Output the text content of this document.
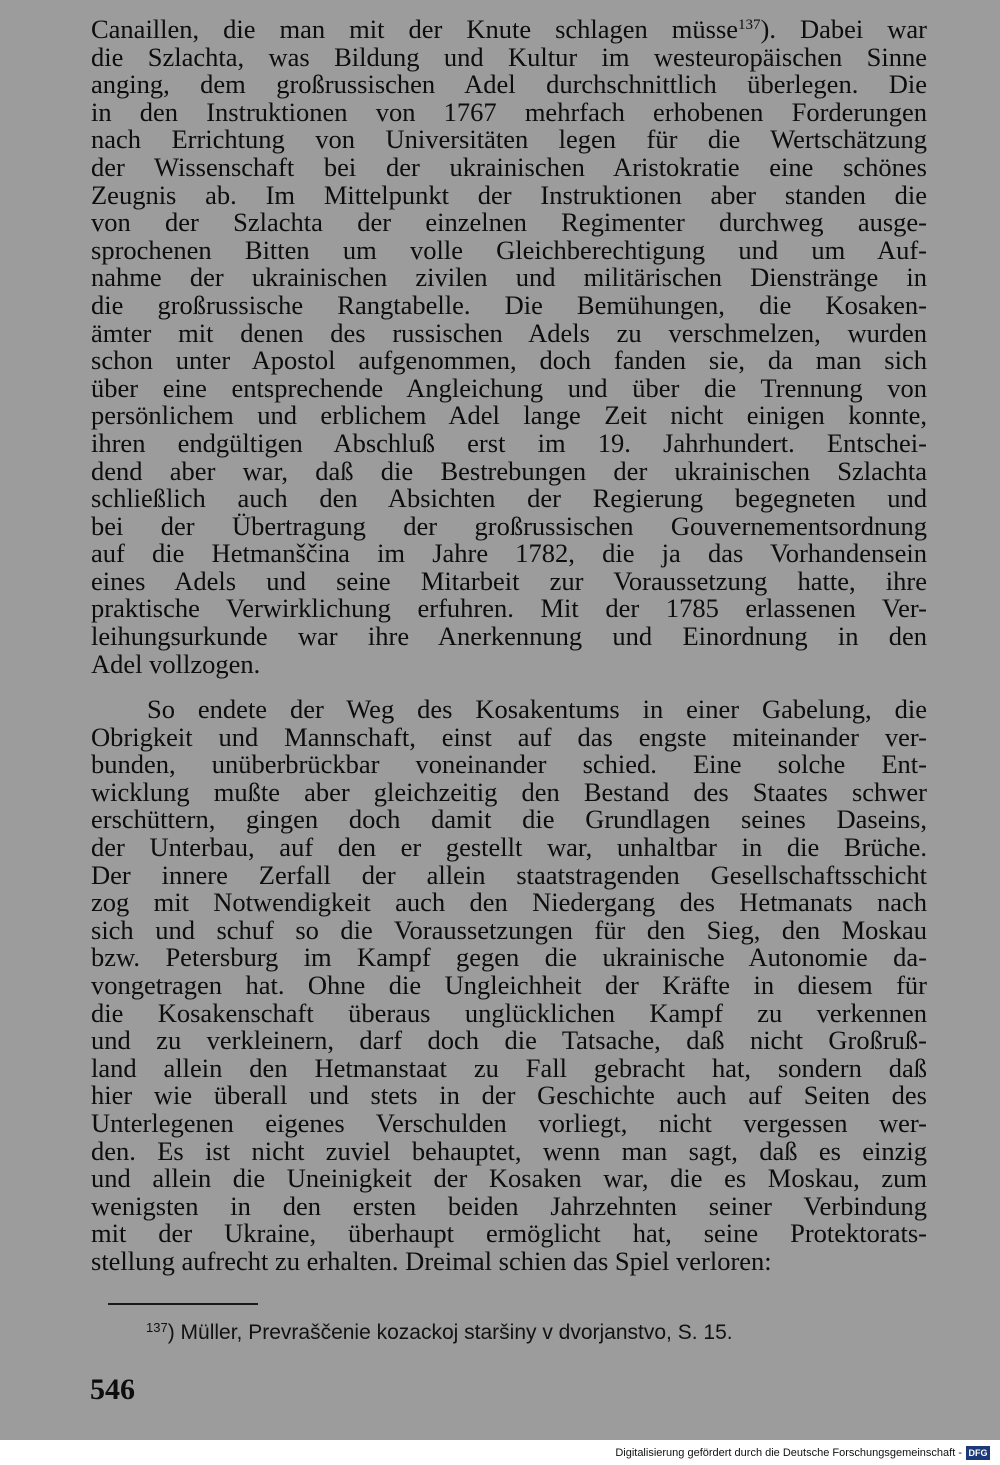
Canaillen, die man mit der Knute schlagen müsse$^{137}$). Dabei war
die Szlachta, was Bildung und Kultur im westeuropäischen Sinne
anging, dem großrussischen Adel durchschnittlich überlegen. Die
in den Instruktionen von 1767 mehrfach erhobenen Forderungen
nach Errichtung von Universitäten legen für die Wertschätzung
der Wissenschaft bei der ukrainischen Aristokratie eine schönes
Zeugnis ab. Im Mittelpunkt der Instruktionen aber standen die
von der Szlachta der einzelnen Regimenter durchweg ausge-
sprochenen Bitten um volle Gleichberechtigung und um Auf-
nahme der ukrainischen zivilen und militärischen Dienstränge in
die großrussische Rangtabelle. Die Bemühungen, die Kosaken-
ämter mit denen des russischen Adels zu verschmelzen, wurden
schon unter Apostol aufgenommen, doch fanden sie, da man sich
über eine entsprechende Angleichung und über die Trennung von
persönlichem und erblichem Adel lange Zeit nicht einigen konnte,
ihren endgültigen Abschluß erst im 19. Jahrhundert. Entschei-
dend aber war, daß die Bestrebungen der ukrainischen Szlachta
schließlich auch den Absichten der Regierung begegneten und
bei der Übertragung der großrussischen Gouvernementsordnung
auf die Hetmanščina im Jahre 1782, die ja das Vorhandensein
eines Adels und seine Mitarbeit zur Voraussetzung hatte, ihre
praktische Verwirklichung erfuhren. Mit der 1785 erlassenen Ver-
leihungsurkunde war ihre Anerkennung und Einordnung in den
Adel vollzogen.
So endete der Weg des Kosakentums in einer Gabelung, die
Obrigkeit und Mannschaft, einst auf das engste miteinander ver-
bunden, unüberbrückbar voneinander schied. Eine solche Ent-
wicklung mußte aber gleichzeitig den Bestand des Staates schwer
erschüttern, gingen doch damit die Grundlagen seines Daseins,
der Unterbau, auf den er gestellt war, unhaltbar in die Brüche.
Der innere Zerfall der allein staatstragenden Gesellschaftsschicht
zog mit Notwendigkeit auch den Niedergang des Hetmanats nach
sich und schuf so die Voraussetzungen für den Sieg, den Moskau
bzw. Petersburg im Kampf gegen die ukrainische Autonomie da-
vongetragen hat. Ohne die Ungleichheit der Kräfte in diesem für
die Kosakenschaft überaus unglücklichen Kampf zu verkennen
und zu verkleinern, darf doch die Tatsache, daß nicht Großruß-
land allein den Hetmanstaat zu Fall gebracht hat, sondern daß
hier wie überall und stets in der Geschichte auch auf Seiten des
Unterlegenen eigenes Verschulden vorliegt, nicht vergessen wer-
den. Es ist nicht zuviel behauptet, wenn man sagt, daß es einzig
und allein die Uneinigkeit der Kosaken war, die es Moskau, zum
wenigsten in den ersten beiden Jahrzehnten seiner Verbindung
mit der Ukraine, überhaupt ermöglicht hat, seine Protektorats-
stellung aufrecht zu erhalten. Dreimal schien das Spiel verloren:
$^{137}$) Müller, Prevraščenie kozackoj staršiny v dvorjanstvo, S. 15.
546
Digitalisierung gefördert durch die Deutsche Forschungsgemeinschaft - DFG
